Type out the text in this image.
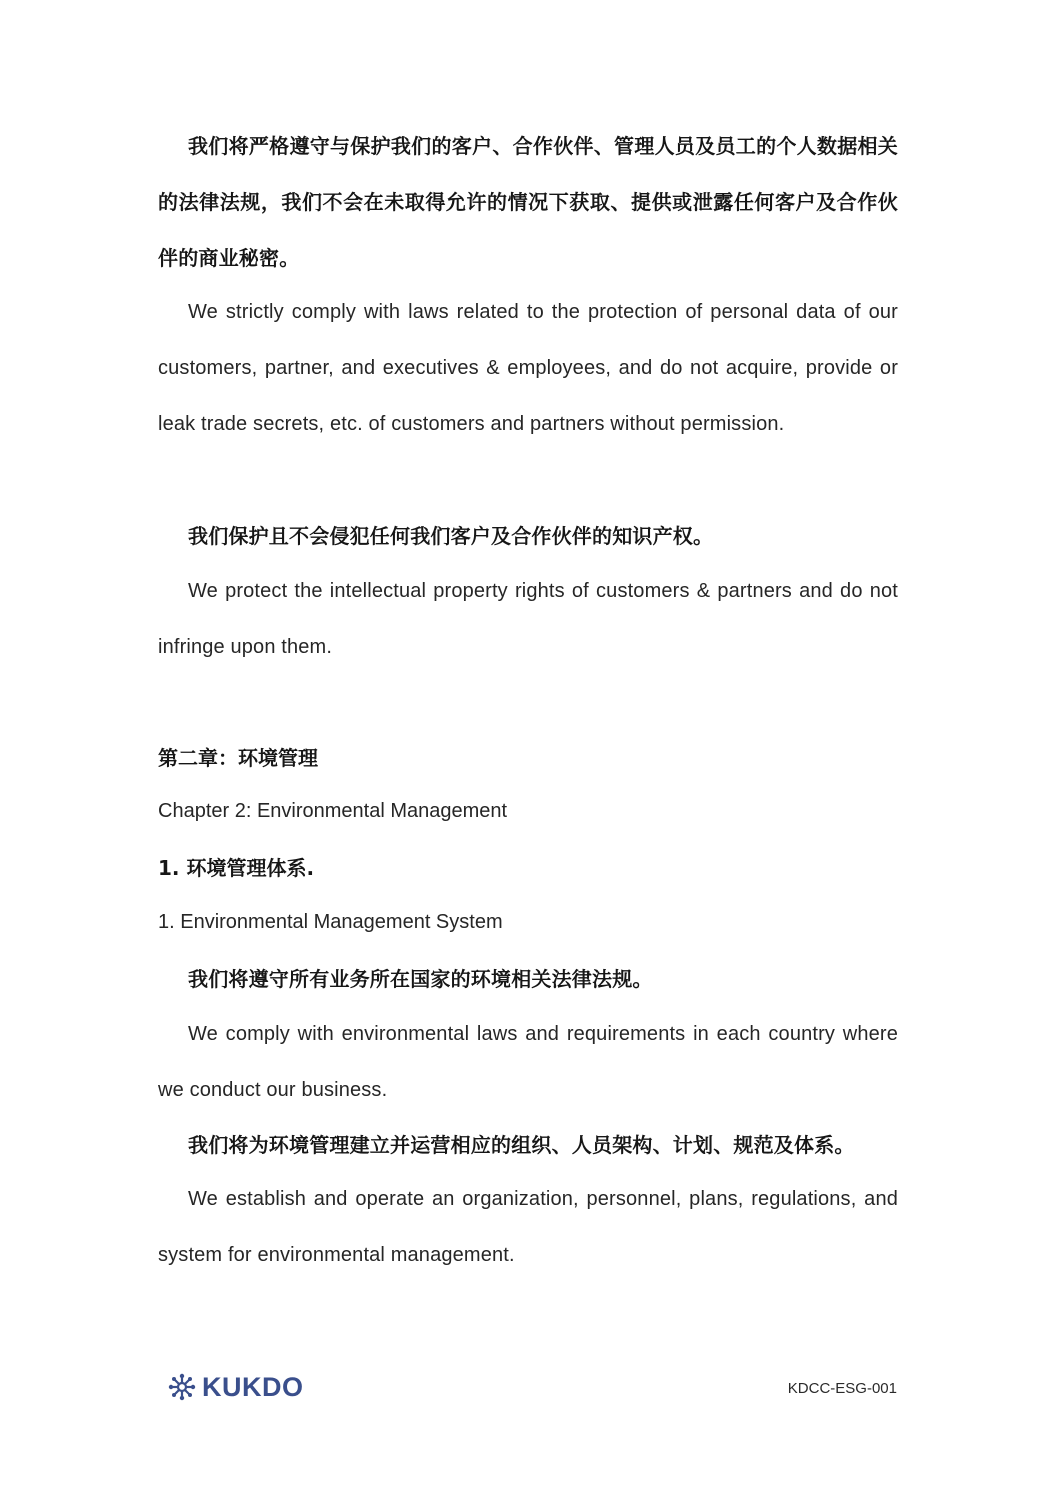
我们将严格遵守与保护我们的客户、合作伙伴、管理人员及员工的个人数据相关的法律法规，我们不会在未取得允许的情况下获取、提供或泄露任何客户及合作伙伴的商业秘密。

We strictly comply with laws related to the protection of personal data of our customers, partner, and executives & employees, and do not acquire, provide or leak trade secrets, etc. of customers and partners without permission.

我们保护且不会侵犯任何我们客户及合作伙伴的知识产权。

We protect the intellectual property rights of customers & partners and do not infringe upon them.

第二章：环境管理
Chapter 2: Environmental Management
1. 环境管理体系.
1. Environmental Management System

我们将遵守所有业务所在国家的环境相关法律法规。

We comply with environmental laws and requirements in each country where we conduct our business.

我们将为环境管理建立并运营相应的组织、人员架构、计划、规范及体系。

We establish and operate an organization, personnel, plans, regulations, and system for environmental management.

KUKDO	KDCC-ESG-001
